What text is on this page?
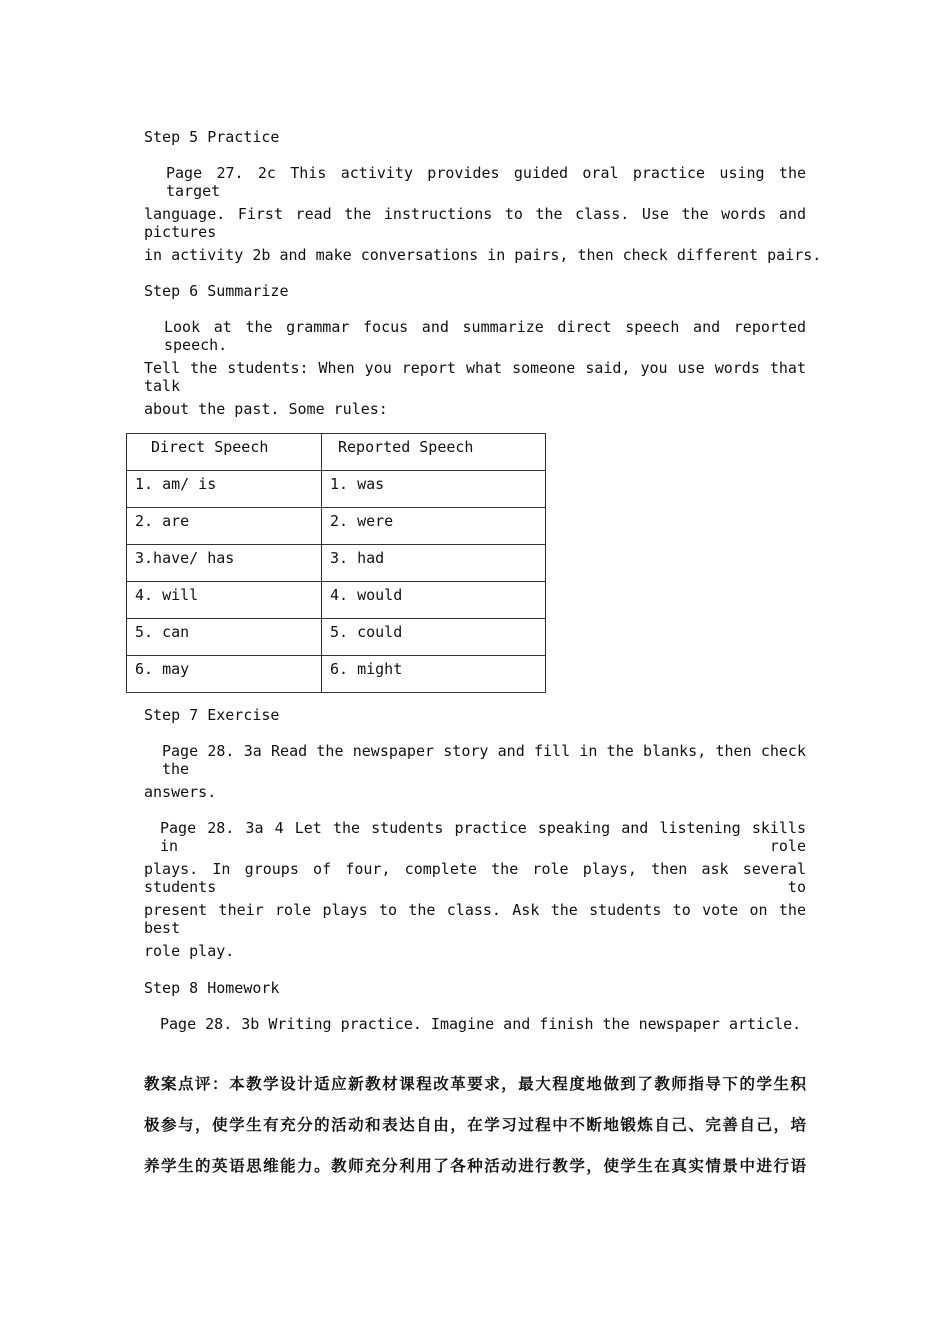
Step 5 Practice
Page 27. 2c This activity provides guided oral practice using the target
language. First read the instructions to the class. Use the words and pictures
in activity 2b and make conversations in pairs, then check different pairs.
Step 6 Summarize
Look at the grammar focus and summarize direct speech and reported speech.
Tell the students: When you report what someone said, you use words that talk
about the past. Some rules:
Direct Speech	Reported Speech
1. am/ is	1. was
2. are	2. were
3.have/ has	3. had
4. will	4. would
5. can	5. could
6. may	6. might
Step 7 Exercise
Page 28. 3a Read the newspaper story and fill in the blanks, then check the
answers.
Page 28. 3a 4 Let the students practice speaking and listening skills in role
plays. In groups of four, complete the role plays, then ask several students to
present their role plays to the class. Ask the students to vote on the best
role play.
Step 8 Homework
Page 28. 3b Writing practice. Imagine and finish the newspaper article.
教案点评：本教学设计适应新教材课程改革要求，最大程度地做到了教师指导下的学生积
极参与，使学生有充分的活动和表达自由，在学习过程中不断地锻炼自己、完善自己，培
养学生的英语思维能力。教师充分利用了各种活动进行教学，使学生在真实情景中进行语
